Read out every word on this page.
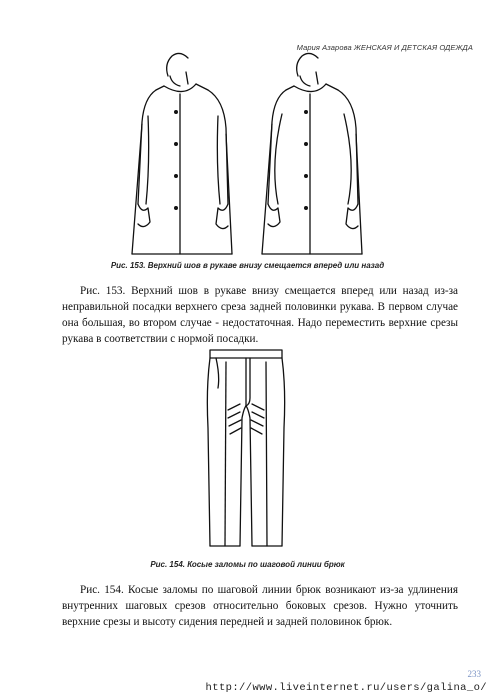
Мария Азарова ЖЕНСКАЯ И ДЕТСКАЯ ОДЕЖДА
Рис. 153. Верхний шов в рукаве внизу смещается вперед или назад

Рис. 153. Верхний шов в рукаве внизу смещается вперед или назад из-за неправильной посадки верхнего среза задней половинки рукава. В первом случае она большая, во втором случае - недостаточная. Надо переместить верхние срезы рукава в соответствии с нормой посадки.

Рис. 154. Косые заломы по шаговой линии брюк

Рис. 154. Косые заломы по шаговой линии брюк возникают из-за удлинения внутренних шаговых срезов относительно боковых срезов. Нужно уточнить верхние срезы и высоту сидения передней и задней половинок брюк.

233
http://www.liveinternet.ru/users/galina_o/
